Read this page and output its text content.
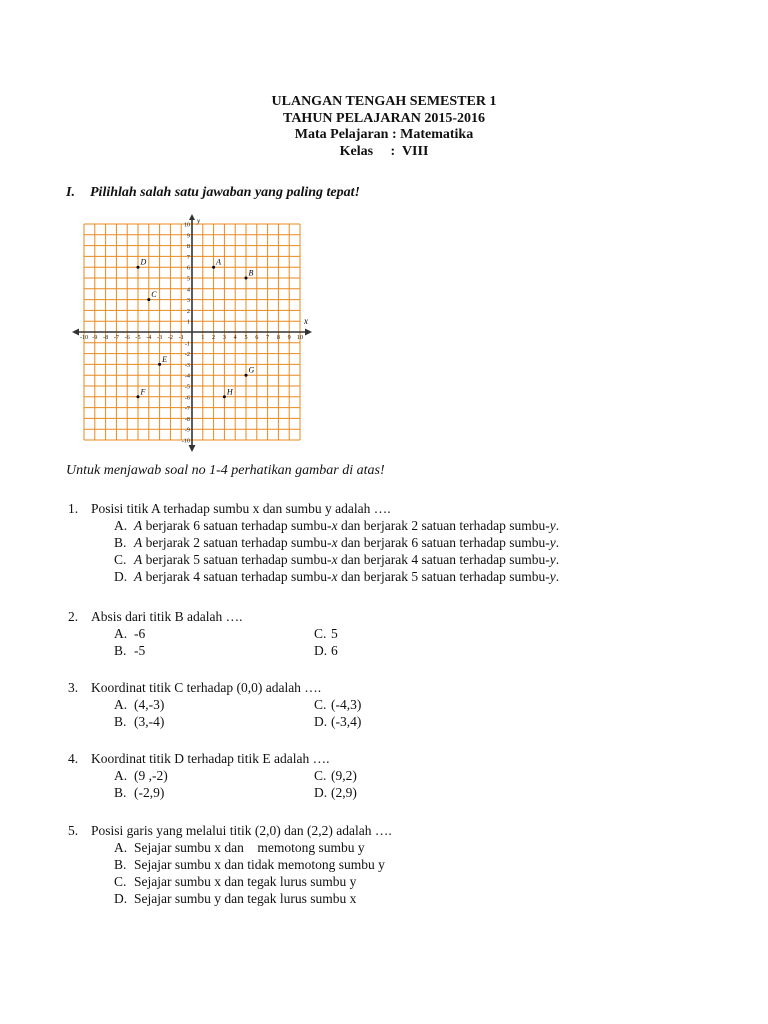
ULANGAN TENGAH SEMESTER 1
TAHUN PELAJARAN 2015-2016
Mata Pelajaran : Matematika
Kelas     :  VIII
I. Pilihlah salah satu jawaban yang paling tepat!
x
y
-10 -9 -8 -7 -6 -5 -4 -3 -2 -1	1 2 3 4 5 6 7 8 9 10
-10
-9
-8
-7
-6
-5
-4
-3
-2
-1
1
2
3
4
5
6
7
8
9
10
A
B
C
D
E
F
G
H
Untuk menjawab soal no 1-4 perhatikan gambar di atas!
1. Posisi titik A terhadap sumbu x dan sumbu y adalah ….
A. A berjarak 6 satuan terhadap sumbu-x dan berjarak 2 satuan terhadap sumbu-y.
B. A berjarak 2 satuan terhadap sumbu-x dan berjarak 6 satuan terhadap sumbu-y.
C. A berjarak 5 satuan terhadap sumbu-x dan berjarak 4 satuan terhadap sumbu-y.
D. A berjarak 4 satuan terhadap sumbu-x dan berjarak 5 satuan terhadap sumbu-y.
2. Absis dari titik B adalah ….
A. -6	C. 5
B. -5	D. 6
3. Koordinat titik C terhadap (0,0) adalah ….
A. (4,-3)	C. (-4,3)
B. (3,-4)	D. (-3,4)
4. Koordinat titik D terhadap titik E adalah ….
A. (9 ,-2)	C. (9,2)
B. (-2,9)	D. (2,9)
5. Posisi garis yang melalui titik (2,0) dan (2,2) adalah ….
A. Sejajar sumbu x dan    memotong sumbu y
B. Sejajar sumbu x dan tidak memotong sumbu y
C. Sejajar sumbu x dan tegak lurus sumbu y
D. Sejajar sumbu y dan tegak lurus sumbu x
